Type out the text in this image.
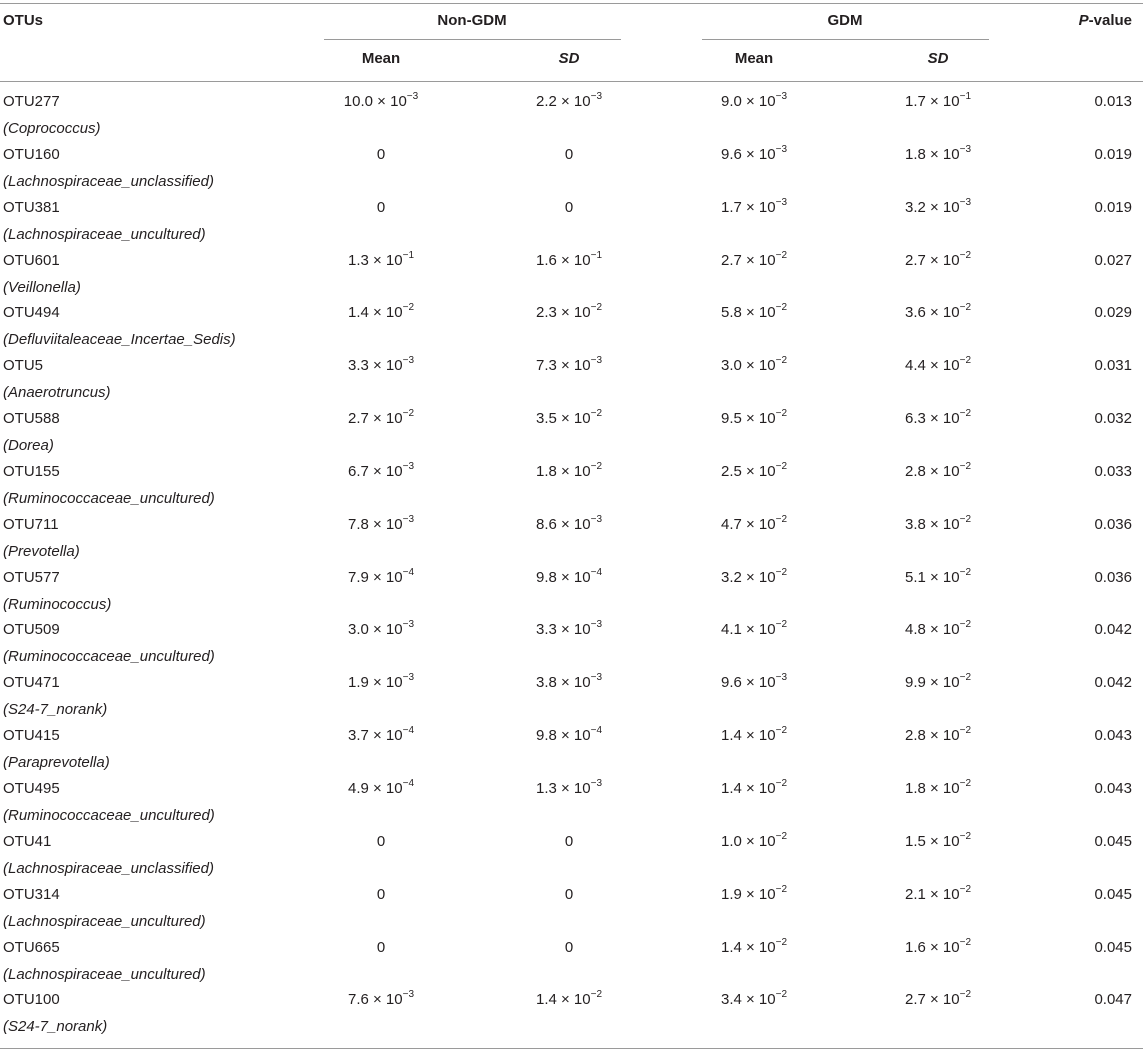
OTUs	Non-GDM	GDM	P-value
Mean	SD	Mean	SD
OTU277
(Coprococcus)
$10.0 \times 10^{-3}$	$2.2 \times 10^{-3}$	$9.0 \times 10^{-3}$	$1.7 \times 10^{-1}$	0.013
OTU160
(Lachnospiraceae_unclassified)
0	0	$9.6 \times 10^{-3}$	$1.8 \times 10^{-3}$	0.019
OTU381
(Lachnospiraceae_uncultured)
0	0	$1.7 \times 10^{-3}$	$3.2 \times 10^{-3}$	0.019
OTU601
(Veillonella)
$1.3 \times 10^{-1}$	$1.6 \times 10^{-1}$	$2.7 \times 10^{-2}$	$2.7 \times 10^{-2}$	0.027
OTU494
(Defluviitaleaceae_Incertae_Sedis)
$1.4 \times 10^{-2}$	$2.3 \times 10^{-2}$	$5.8 \times 10^{-2}$	$3.6 \times 10^{-2}$	0.029
OTU5
(Anaerotruncus)
$3.3 \times 10^{-3}$	$7.3 \times 10^{-3}$	$3.0 \times 10^{-2}$	$4.4 \times 10^{-2}$	0.031
OTU588
(Dorea)
$2.7 \times 10^{-2}$	$3.5 \times 10^{-2}$	$9.5 \times 10^{-2}$	$6.3 \times 10^{-2}$	0.032
OTU155
(Ruminococcaceae_uncultured)
$6.7 \times 10^{-3}$	$1.8 \times 10^{-2}$	$2.5 \times 10^{-2}$	$2.8 \times 10^{-2}$	0.033
OTU711
(Prevotella)
$7.8 \times 10^{-3}$	$8.6 \times 10^{-3}$	$4.7 \times 10^{-2}$	$3.8 \times 10^{-2}$	0.036
OTU577
(Ruminococcus)
$7.9 \times 10^{-4}$	$9.8 \times 10^{-4}$	$3.2 \times 10^{-2}$	$5.1 \times 10^{-2}$	0.036
OTU509
(Ruminococcaceae_uncultured)
$3.0 \times 10^{-3}$	$3.3 \times 10^{-3}$	$4.1 \times 10^{-2}$	$4.8 \times 10^{-2}$	0.042
OTU471
(S24-7_norank)
$1.9 \times 10^{-3}$	$3.8 \times 10^{-3}$	$9.6 \times 10^{-3}$	$9.9 \times 10^{-2}$	0.042
OTU415
(Paraprevotella)
$3.7 \times 10^{-4}$	$9.8 \times 10^{-4}$	$1.4 \times 10^{-2}$	$2.8 \times 10^{-2}$	0.043
OTU495
(Ruminococcaceae_uncultured)
$4.9 \times 10^{-4}$	$1.3 \times 10^{-3}$	$1.4 \times 10^{-2}$	$1.8 \times 10^{-2}$	0.043
OTU41
(Lachnospiraceae_unclassified)
0	0	$1.0 \times 10^{-2}$	$1.5 \times 10^{-2}$	0.045
OTU314
(Lachnospiraceae_uncultured)
0	0	$1.9 \times 10^{-2}$	$2.1 \times 10^{-2}$	0.045
OTU665
(Lachnospiraceae_uncultured)
0	0	$1.4 \times 10^{-2}$	$1.6 \times 10^{-2}$	0.045
OTU100
(S24-7_norank)
$7.6 \times 10^{-3}$	$1.4 \times 10^{-2}$	$3.4 \times 10^{-2}$	$2.7 \times 10^{-2}$	0.047
